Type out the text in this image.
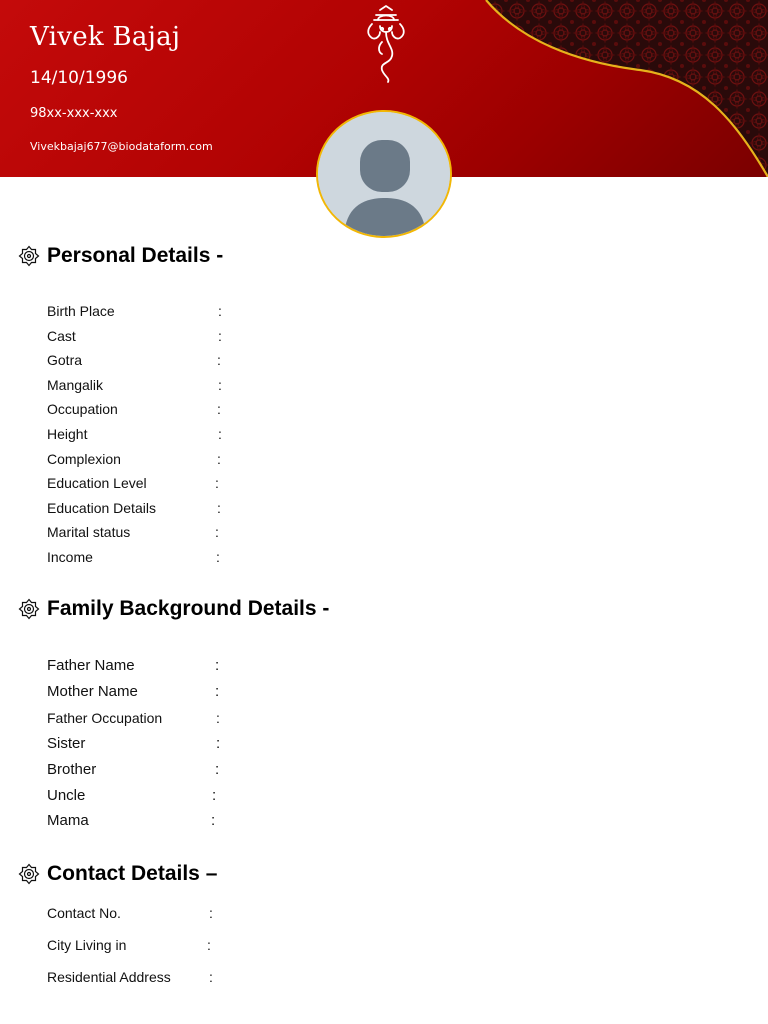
Vivek Bajaj
14/10/1996
98xx-xxx-xxx
Vivekbajaj677@biodataform.com
Personal Details -
Birth Place	:
Cast	:
Gotra	:
Mangalik	:
Occupation	:
Height	:
Complexion	:
Education Level	:
Education Details	:
Marital status	:
Income	:
Family Background Details -
Father Name	:
Mother Name	:
Father Occupation	:
Sister	:
Brother	:
Uncle	:
Mama	:
Contact Details –
Contact No.	:
City Living in	:
Residential Address	:
